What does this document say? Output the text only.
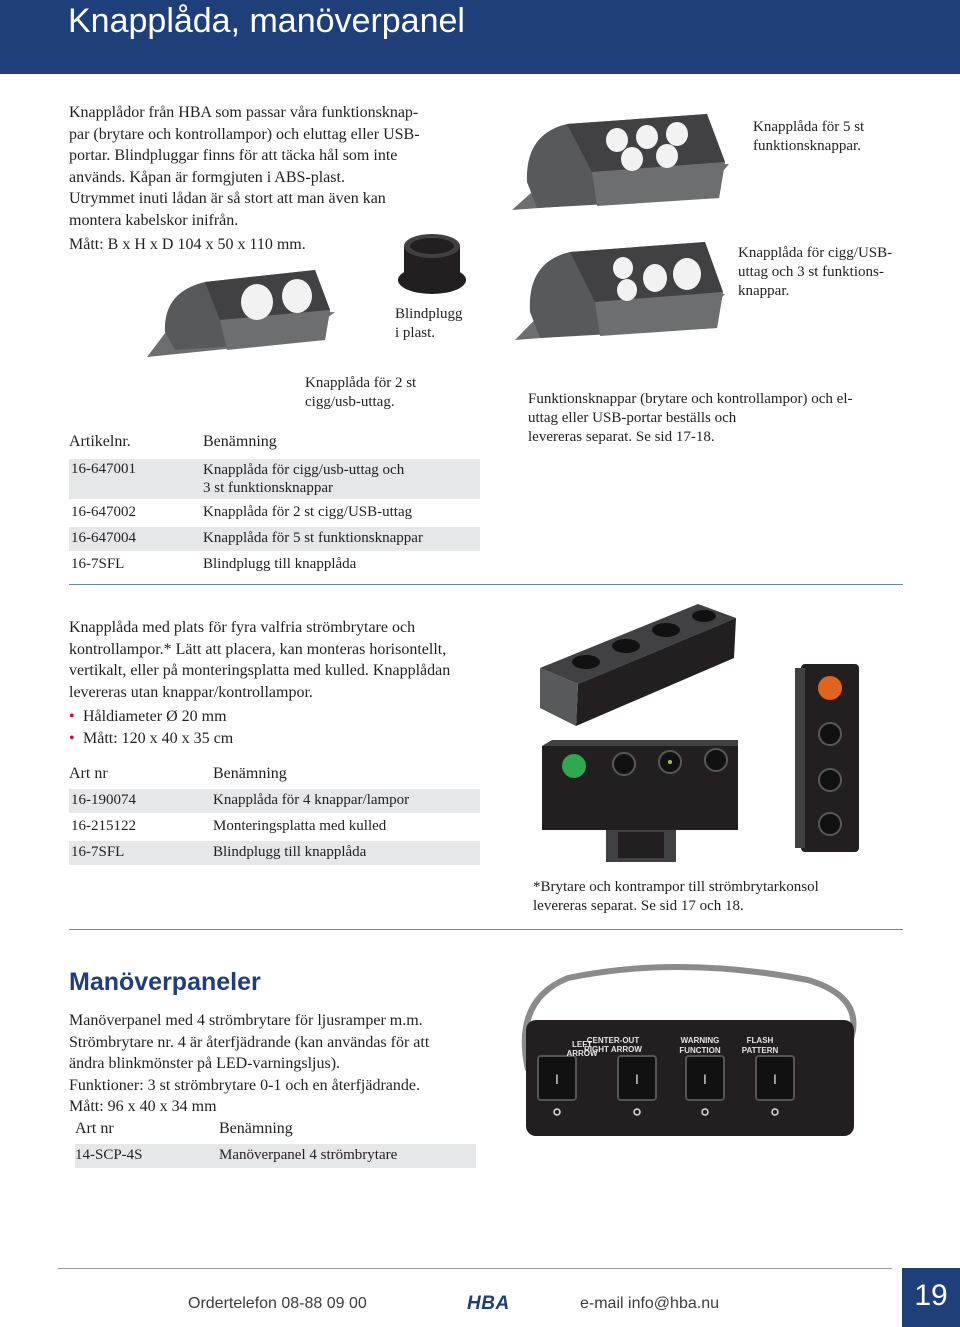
Knapplåda, manöverpanel
Knapplådor från HBA som passar våra funktionsknap-
par (brytare och kontrollampor) och eluttag eller USB-
portar. Blindpluggar finns för att täcka hål som inte
används. Kåpan är formgjuten i ABS-plast.
Utrymmet inuti lådan är så stort att man även kan
montera kabelskor inifrån.
Mått: B x H x D 104 x 50 x 110 mm.
Blindplugg
i plast.
Knapplåda för 5 st
funktionsknappar.
Knapplåda för cigg/USB-
uttag och 3 st funktions-
knappar.
Knapplåda för 2 st
cigg/usb-uttag.	Funktionsknappar (brytare och kontrollampor) och el-
uttag eller USB-portar beställs och
levereras separat. Se sid 17-18.
Artikelnr.	Benämning
16-647001	Knapplåda för cigg/usb-uttag och
3 st funktionsknappar
16-647002	Knapplåda för 2 st cigg/USB-uttag
16-647004	Knapplåda för 5 st funktionsknappar
16-7SFL	Blindplugg till knapplåda
Knapplåda med plats för fyra valfria strömbrytare och
kontrollampor.* Lätt att placera, kan monteras horisontellt,
vertikalt, eller på monteringsplatta med kulled. Knapplådan
levereras utan knappar/kontrollampor.
• Håldiameter Ø 20 mm
• Mått: 120 x 40 x 35 cm
Art nr	Benämning
16-190074	Knapplåda för 4 knappar/lampor
16-215122	Monteringsplatta med kulled
16-7SFL	Blindplugg till knapplåda
*Brytare och kontrampor till strömbrytarkonsol
levereras separat. Se sid 17 och 18.
Manöverpaneler
Manöverpanel med 4 strömbrytare för ljusramper m.m.
Strömbrytare nr. 4 är återfjädrande (kan användas för att
ändra blinkmönster på LED-varningsljus).
Funktioner: 3 st strömbrytare 0-1 och en återfjädrande.
Mått: 96 x 40 x 34 mm
I	I	I	I
CENTER-OUT
RIGHT ARROW
LEFT ARROW
WARNING FUNCTION
FLASH PATTERN
Art nr	Benämning
14-SCP-4S	Manöverpanel 4 strömbrytare
Ordertelefon 08-88 09 00	HBA	e-mail info@hba.nu	19
